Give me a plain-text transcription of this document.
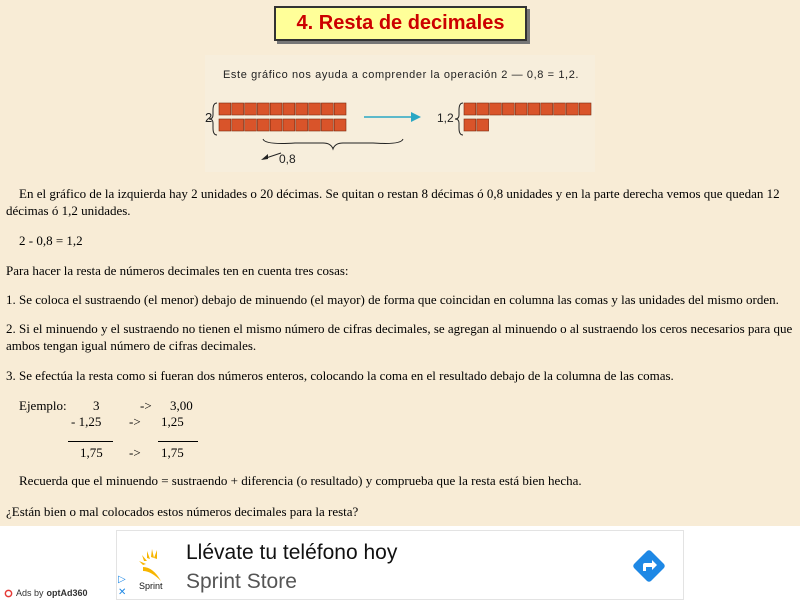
4. Resta de decimales
Este gráfico nos ayuda a comprender la operación 2 — 0,8 = 1,2.
2
0,8
1,2
En el gráfico de la izquierda hay 2 unidades o 20 décimas. Se quitan o restan 8 décimas ó 0,8 unidades y en la parte derecha vemos que quedan 12 décimas ó 1,2 unidades.
2 - 0,8 = 1,2
Para hacer la resta de números decimales ten en cuenta tres cosas:
1. Se coloca el sustraendo (el menor) debajo de minuendo (el mayor) de forma que coincidan en columna las comas y las unidades del mismo orden.
2. Si el minuendo y el sustraendo no tienen el mismo número de cifras decimales, se agregan al minuendo o al sustraendo los ceros necesarios para que ambos tengan igual número de cifras decimales.
3. Se efectúa la resta como si fueran dos números enteros, colocando la coma en el resultado debajo de la columna de las comas.
Ejemplo: 3	-> 3,00
- 1,25 -> 1,25
1,75 -> 1,75
Recuerda que el minuendo = sustraendo + diferencia (o resultado) y comprueba que la resta está bien hecha.
¿Están bien o mal colocados estos números decimales para la resta?
Sprint
Llévate tu teléfono hoy
Sprint Store
▷
✕
Ads by optAd360
